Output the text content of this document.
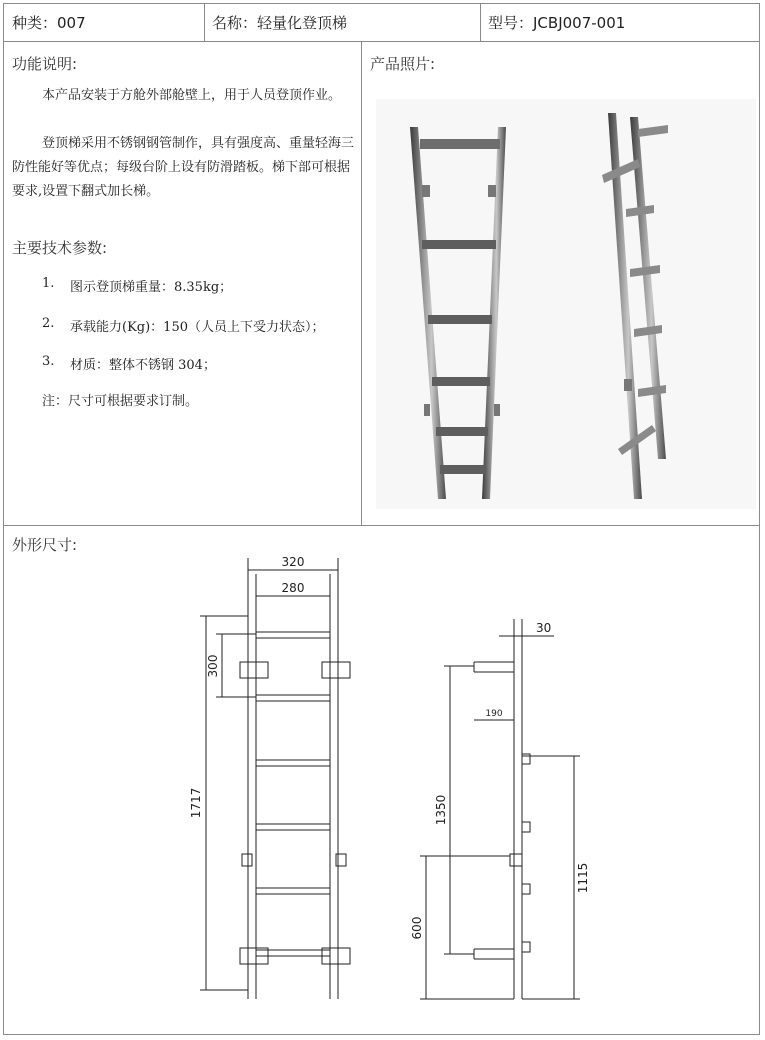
种类：007	名称：轻量化登顶梯	型号：JCBJ007-001
功能说明:

本产品安装于方舱外部舱壁上，用于人员登顶作业。

登顶梯采用不锈钢钢管制作，具有强度高、重量轻海三防性能好等优点；每级台阶上设有防滑踏板。梯下部可根据要求,设置下翻式加长梯。

主要技术参数:
1. 图示登顶梯重量：8.35kg；
2. 承载能力(Kg)：150（人员上下受力状态）；
3. 材质：整体不锈钢 304；
注：尺寸可根据要求订制。
产品照片:
外形尺寸:
320
280
300
1717
30
190
1350
1115
600
